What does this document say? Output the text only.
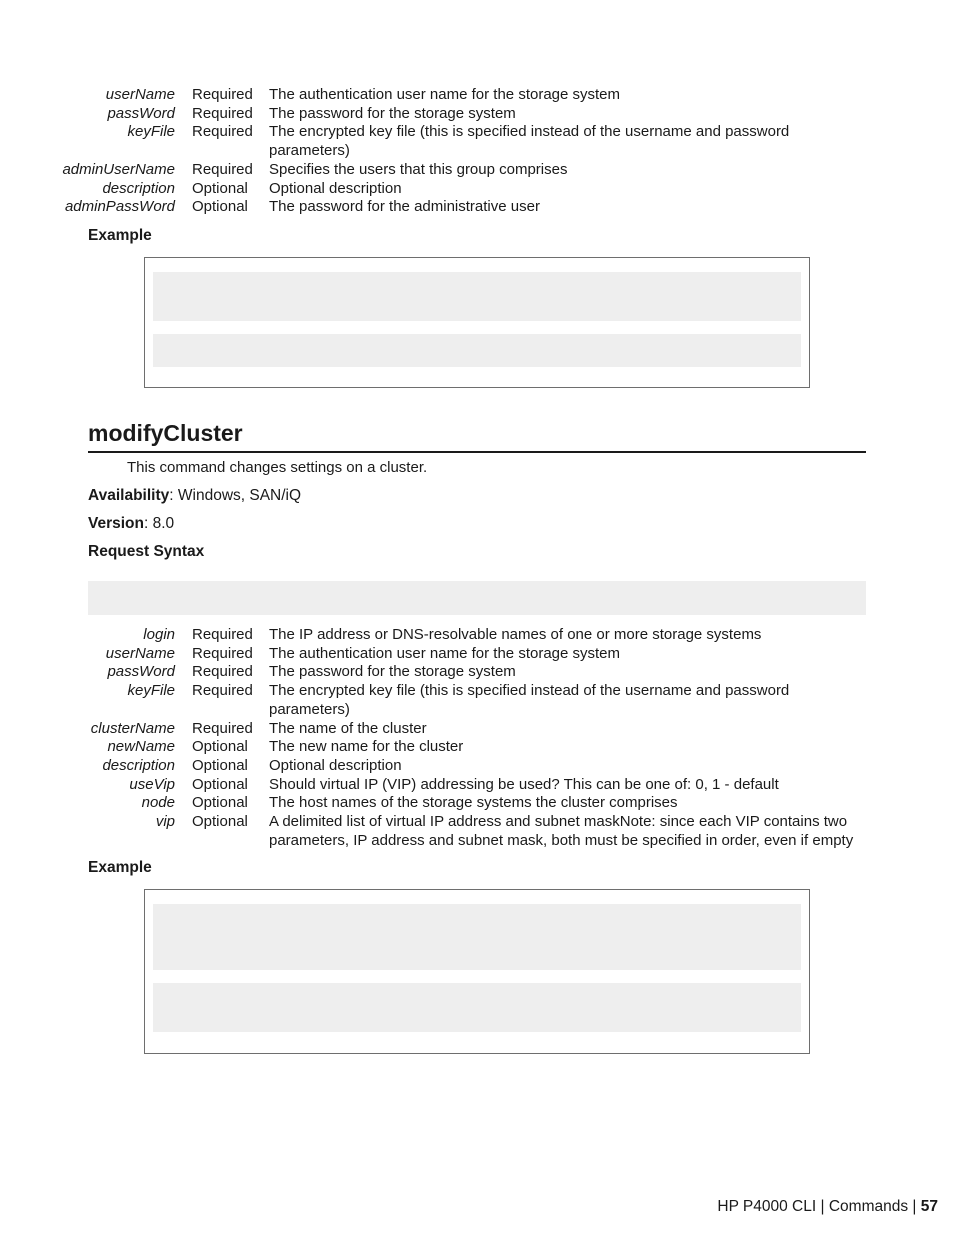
userName Required The authentication user name for the storage system
passWord Required The password for the storage system
keyFile Required The encrypted key file (this is specified instead of the username and password parameters)
adminUserName Required Specifies the users that this group comprises
description Optional Optional description
adminPassWord Optional The password for the administrative user
Example
modifyCluster
This command changes settings on a cluster.
Availability: Windows, SAN/iQ
Version: 8.0
Request Syntax
login Required The IP address or DNS-resolvable names of one or more storage systems
userName Required The authentication user name for the storage system
passWord Required The password for the storage system
keyFile Required The encrypted key file (this is specified instead of the username and password parameters)
clusterName Required The name of the cluster
newName Optional The new name for the cluster
description Optional Optional description
useVip Optional Should virtual IP (VIP) addressing be used? This can be one of: 0, 1 - default
node Optional The host names of the storage systems the cluster comprises
vip Optional A delimited list of virtual IP address and subnet maskNote: since each VIP contains two parameters, IP address and subnet mask, both must be specified in order, even if empty
Example
HP P4000 CLI | Commands | 57
